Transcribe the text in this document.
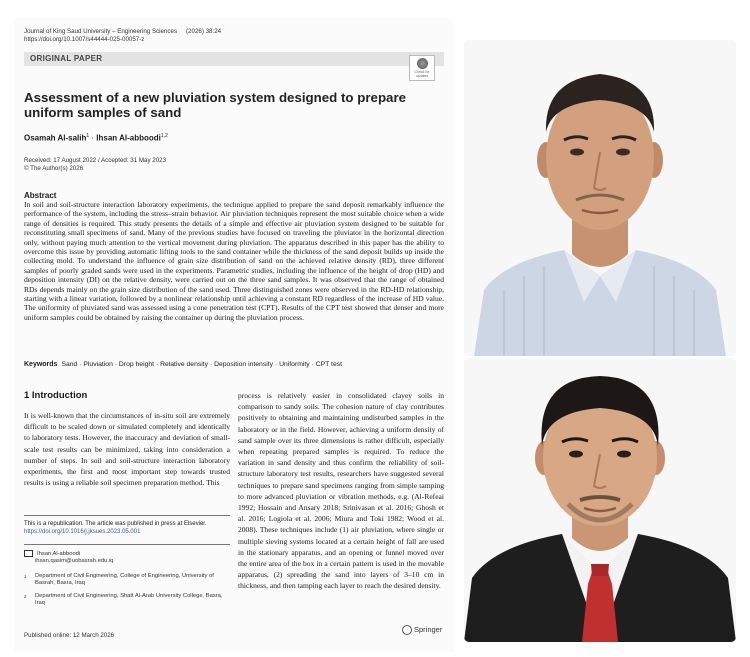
Journal of King Saud University – Engineering Sciences
https://doi.org/10.1007/s44444-025-00057-z
(2026) 38:24
ORIGINAL PAPER
Check for updates
Assessment of a new pluviation system designed to prepare uniform samples of sand
Osamah Al-salih$^1$ · Ihsan Al-abboodi$^{1,2}$
Received: 17 August 2022 / Accepted: 31 May 2023
© The Author(s) 2026
Abstract
In soil and soil-structure interaction laboratory experiments, the technique applied to prepare the sand deposit remarkably influence the performance of the system, including the stress–strain behavior. Air pluviation techniques represent the most suitable choice when a wide range of densities is required. This study presents the details of a simple and effective air pluviation system designed to be suitable for reconstituting small specimens of sand. Many of the previous studies have focused on traveling the pluviator in the horizontal direction only, without paying much attention to the vertical movement during pluviation. The apparatus described in this paper has the ability to overcome this issue by providing automatic lifting tools to the sand container while the thickness of the sand deposit builds up inside the collecting mold. To understand the influence of grain size distribution of sand on the achieved relative density (RD), three different samples of poorly graded sands were used in the experiments. Parametric studies, including the influence of the height of drop (HD) and deposition intensity (DI) on the relative density, were carried out on the three sand samples. It was observed that the range of obtained RDs depends mainly on the grain size distribution of the sand used. Three distinguished zones were observed in the RD-HD relationship, starting with a linear variation, followed by a nonlinear relationship until achieving a constant RD regardless of the increase of HD value. The uniformity of pluviated sand was assessed using a cone penetration test (CPT). Results of the CPT test showed that denser and more uniform samples could be obtained by raising the container up during the pluviation process.
Keywords Sand · Pluviation · Drop height · Relative density · Deposition intensity · Uniformity · CPT test
1 Introduction
It is well-known that the circumstances of in-situ soil are extremely difficult to be scaled down or simulated completely and identically to laboratory tests. However, the inaccuracy and deviation of small-scale test results can be minimized, taking into consideration a number of steps. In soil and soil-structure interaction laboratory experiments, the first and most important step towards trusted results is using a reliable soil specimen preparation method. This
process is relatively easier in consolidated clayey soils in comparison to sandy soils. The cohesion nature of clay contributes positively to obtaining and maintaining undisturbed samples in the laboratory or in the field. However, achieving a uniform density of sand sample over its three dimensions is rather difficult, especially when repeating prepared samples is required. To reduce the variation in sand density and thus confirm the reliability of soil-structure laboratory test results, researchers have suggested several techniques to prepare sand specimens ranging from simple tamping to more advanced pluviation or vibration methods, e.g. (Al-Refeai 1992; Hossain and Ansary 2018; Srinivasan et al. 2016; Ghosh et al. 2016; Logiola et al. 2006; Miura and Toki 1982; Wood et al. 2008). These techniques include (1) air pluviation, where single or multiple sieving systems located at a certain height of fall are used in the stationary apparatus, and an opening or funnel moved over the entire area of the box in a certain pattern is used in the movable apparatus, (2) spreading the sand into layers of 3–10 cm in thickness, and then tamping each layer to reach the desired density.
This is a republication. The article was published in press at Elsevier. https://doi.org/10.1016/j.jksues.2023.05.001
Ihsan Al-abboodi
ihsan.qasim@uobasrah.edu.iq
1 Department of Civil Engineering, College of Engineering, University of Basrah, Basra, Iraq
2 Department of Civil Engineering, Shatt Al-Arab University College, Basra, Iraq
Published online: 12 March 2026
Springer
